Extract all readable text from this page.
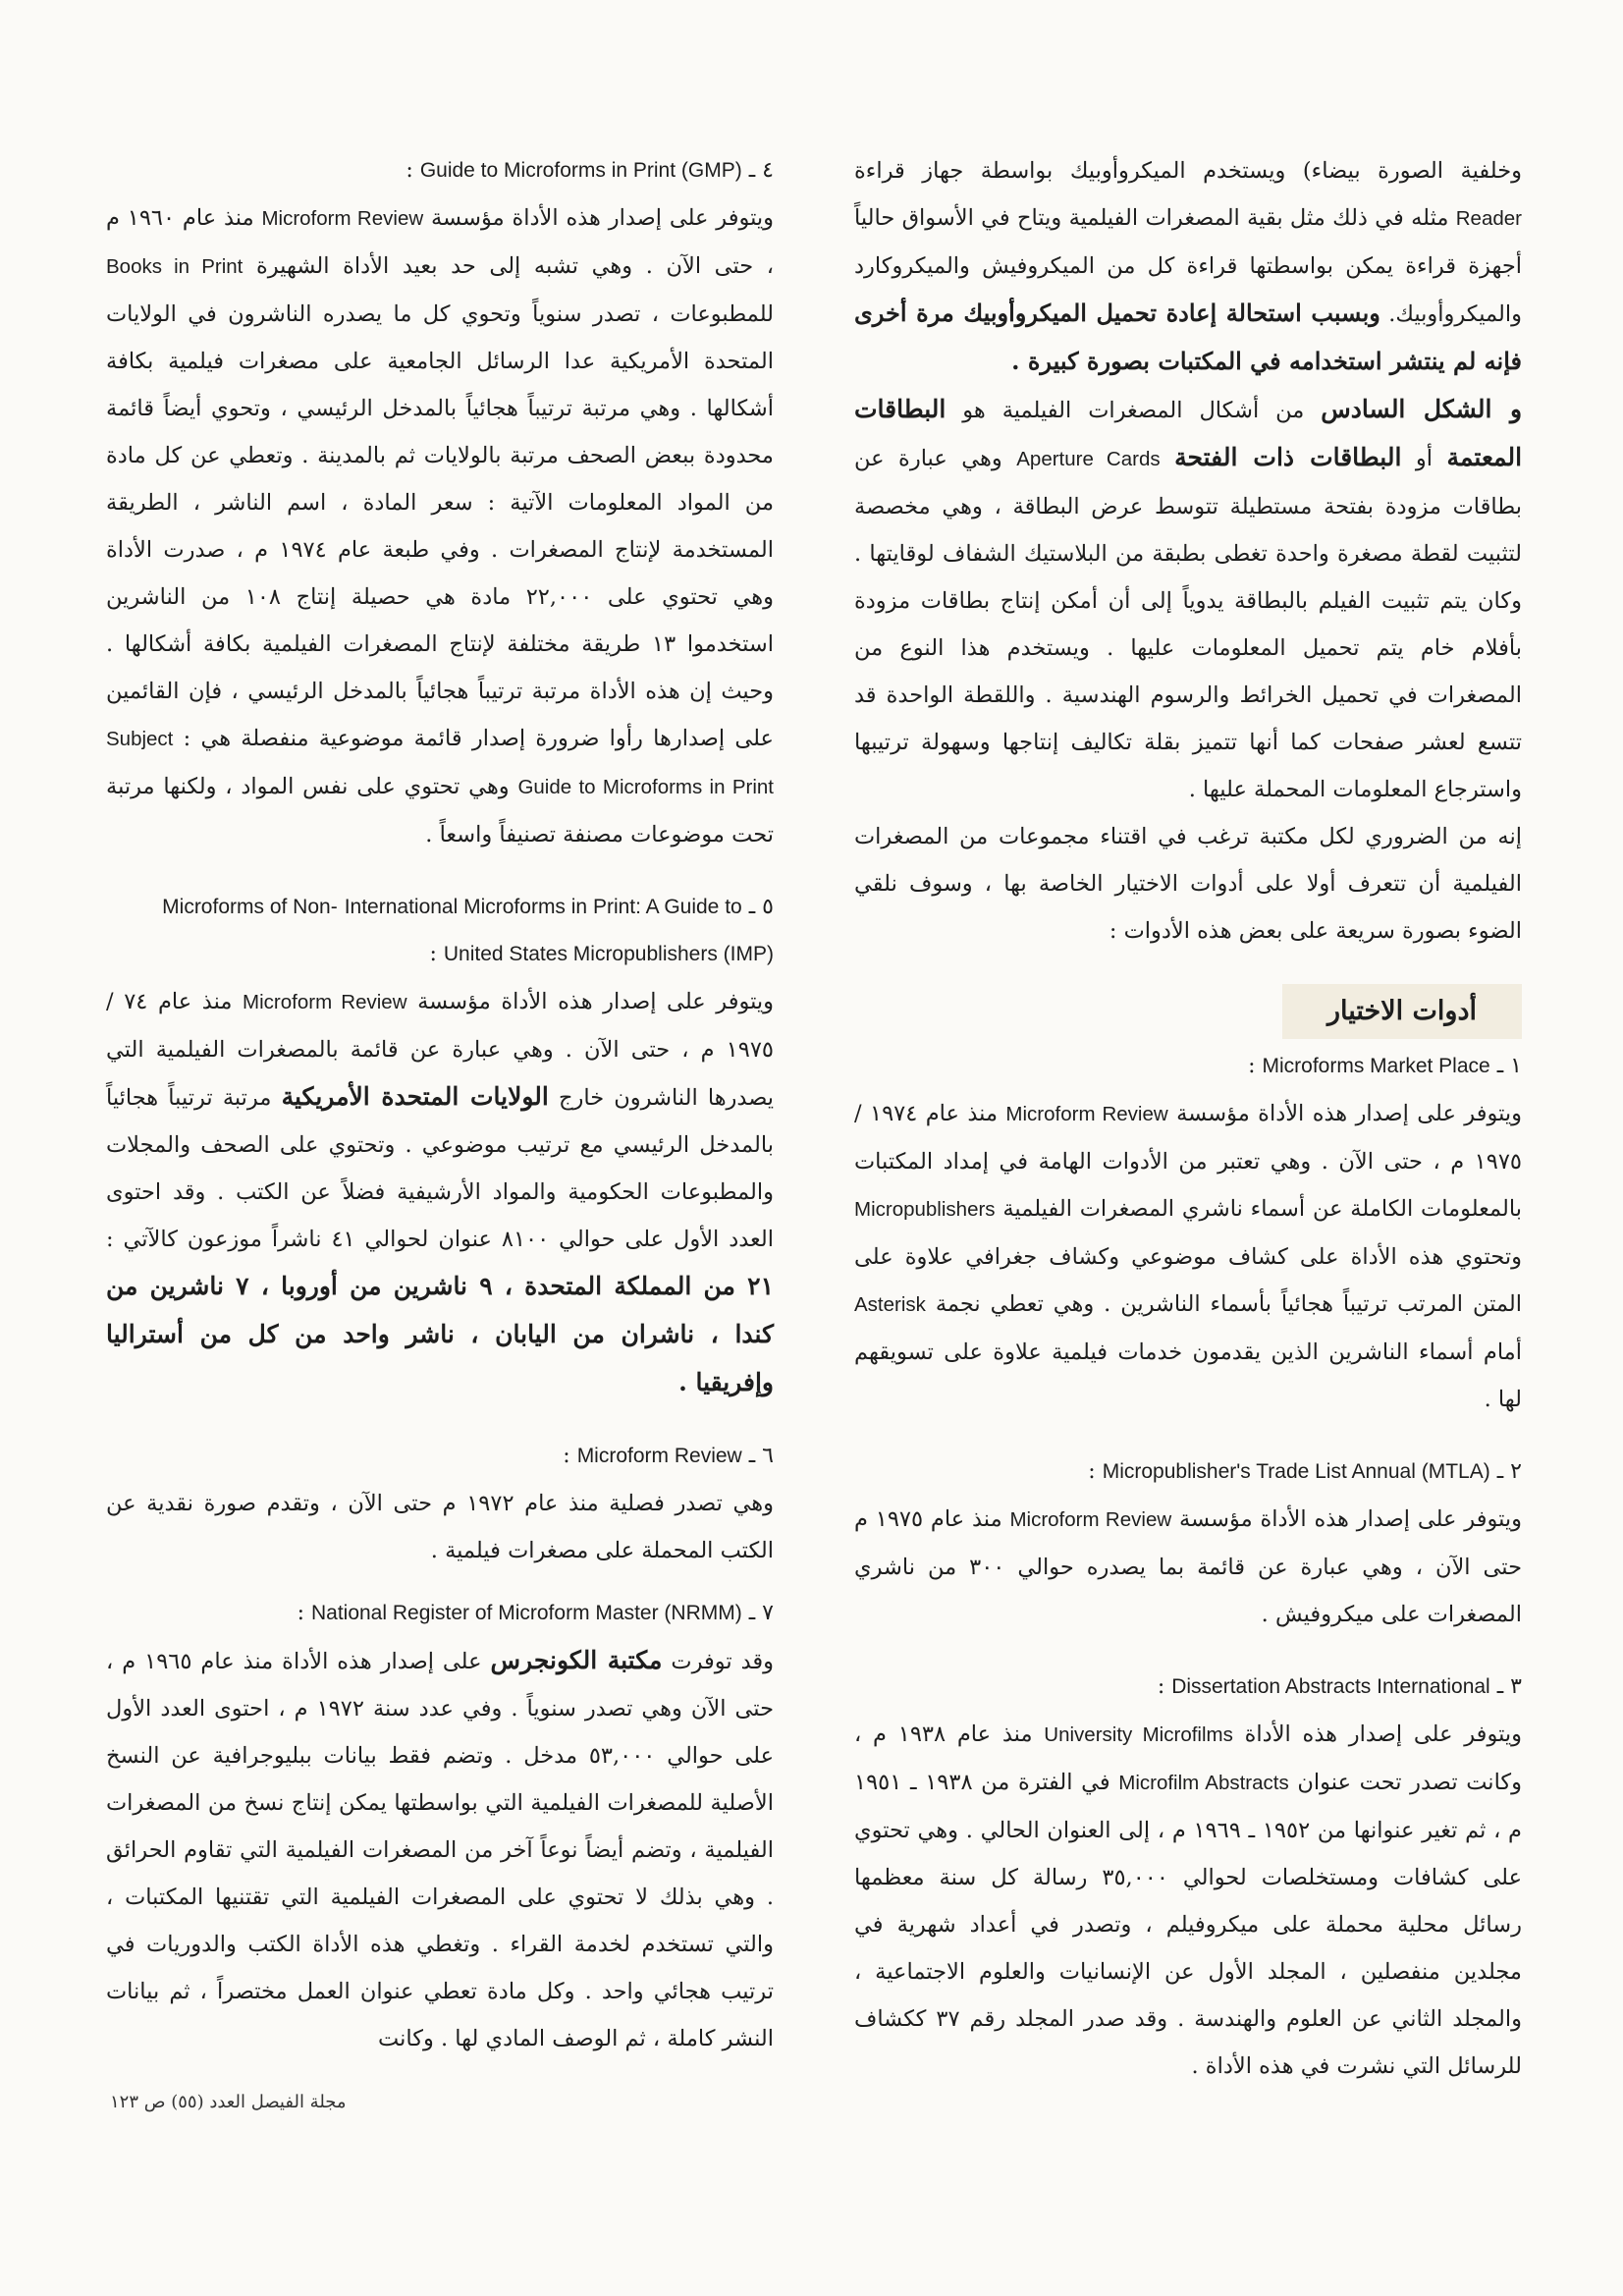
وخلفية الصورة بيضاء) ويستخدم الميكروأوبيك بواسطة جهاز قراءة Reader مثله في ذلك مثل بقية المصغرات الفيلمية ويتاح في الأسواق حالياً أجهزة قراءة يمكن بواسطتها قراءة كل من الميكروفيش والميكروكارد والميكروأوبيك. وبسبب استحالة إعادة تحميل الميكروأوبيك مرة أخرى فإنه لم ينتشر استخدامه في المكتبات بصورة كبيرة .

و الشكل السادس من أشكال المصغرات الفيلمية هو البطاقات المعتمة أو البطاقات ذات الفتحة Aperture Cards وهي عبارة عن بطاقات مزودة بفتحة مستطيلة تتوسط عرض البطاقة ، وهي مخصصة لتثبيت لقطة مصغرة واحدة تغطى بطبقة من البلاستيك الشفاف لوقايتها . وكان يتم تثبيت الفيلم بالبطاقة يدوياً إلى أن أمكن إنتاج بطاقات مزودة بأفلام خام يتم تحميل المعلومات عليها . ويستخدم هذا النوع من المصغرات في تحميل الخرائط والرسوم الهندسية . واللقطة الواحدة قد تتسع لعشر صفحات كما أنها تتميز بقلة تكاليف إنتاجها وسهولة ترتيبها واسترجاع المعلومات المحملة عليها .

إنه من الضروري لكل مكتبة ترغب في اقتناء مجموعات من المصغرات الفيلمية أن تتعرف أولا على أدوات الاختيار الخاصة بها ، وسوف نلقي الضوء بصورة سريعة على بعض هذه الأدوات :

أدوات الاختيار

١ ـ Microforms Market Place :

ويتوفر على إصدار هذه الأداة مؤسسة Microform Review منذ عام ١٩٧٤ / ١٩٧٥ م ، حتى الآن . وهي تعتبر من الأدوات الهامة في إمداد المكتبات بالمعلومات الكاملة عن أسماء ناشري المصغرات الفيلمية Micropublishers وتحتوي هذه الأداة على كشاف موضوعي وكشاف جغرافي علاوة على المتن المرتب ترتيباً هجائياً بأسماء الناشرين . وهي تعطي نجمة Asterisk أمام أسماء الناشرين الذين يقدمون خدمات فيلمية علاوة على تسويقهم لها .

٢ ـ Micropublisher's Trade List Annual (MTLA) :

ويتوفر على إصدار هذه الأداة مؤسسة Microform Review منذ عام ١٩٧٥ م حتى الآن ، وهي عبارة عن قائمة بما يصدره حوالي ٣٠٠ من ناشري المصغرات على ميكروفيش .

٣ ـ Dissertation Abstracts International :

ويتوفر على إصدار هذه الأداة University Microfilms منذ عام ١٩٣٨ م ، وكانت تصدر تحت عنوان Microfilm Abstracts في الفترة من ١٩٣٨ ـ ١٩٥١ م ، ثم تغير عنوانها من ١٩٥٢ ـ ١٩٦٩ م ، إلى العنوان الحالي . وهي تحتوي على كشافات ومستخلصات لحوالي ٣٥,٠٠٠ رسالة كل سنة معظمها رسائل محلية محملة على ميكروفيلم ، وتصدر في أعداد شهرية في مجلدين منفصلين ، المجلد الأول عن الإنسانيات والعلوم الاجتماعية ، والمجلد الثاني عن العلوم والهندسة . وقد صدر المجلد رقم ٣٧ ككشاف للرسائل التي نشرت في هذه الأداة .

٤ ـ Guide to Microforms in Print (GMP) :

ويتوفر على إصدار هذه الأداة مؤسسة Microform Review منذ عام ١٩٦٠ م ، حتى الآن . وهي تشبه إلى حد بعيد الأداة الشهيرة Books in Print للمطبوعات ، تصدر سنوياً وتحوي كل ما يصدره الناشرون في الولايات المتحدة الأمريكية عدا الرسائل الجامعية على مصغرات فيلمية بكافة أشكالها . وهي مرتبة ترتيباً هجائياً بالمدخل الرئيسي ، وتحوي أيضاً قائمة محدودة ببعض الصحف مرتبة بالولايات ثم بالمدينة . وتعطي عن كل مادة من المواد المعلومات الآتية : سعر المادة ، اسم الناشر ، الطريقة المستخدمة لإنتاج المصغرات . وفي طبعة عام ١٩٧٤ م ، صدرت الأداة وهي تحتوي على ٢٢,٠٠٠ مادة هي حصيلة إنتاج ١٠٨ من الناشرين استخدموا ١٣ طريقة مختلفة لإنتاج المصغرات الفيلمية بكافة أشكالها . وحيث إن هذه الأداة مرتبة ترتيباً هجائياً بالمدخل الرئيسي ، فإن القائمين على إصدارها رأوا ضرورة إصدار قائمة موضوعية منفصلة هي : Subject Guide to Microforms in Print وهي تحتوي على نفس المواد ، ولكنها مرتبة تحت موضوعات مصنفة تصنيفاً واسعاً .

٥ ـ International Microforms in Print: A Guide to Microforms of Non-United States Micropublishers (IMP) :

ويتوفر على إصدار هذه الأداة مؤسسة Microform Review منذ عام ٧٤ / ١٩٧٥ م ، حتى الآن . وهي عبارة عن قائمة بالمصغرات الفيلمية التي يصدرها الناشرون خارج الولايات المتحدة الأمريكية مرتبة ترتيباً هجائياً بالمدخل الرئيسي مع ترتيب موضوعي . وتحتوي على الصحف والمجلات والمطبوعات الحكومية والمواد الأرشيفية فضلاً عن الكتب . وقد احتوى العدد الأول على حوالي ٨١٠٠ عنوان لحوالي ٤١ ناشراً موزعون كالآتي : ٢١ من المملكة المتحدة ، ٩ ناشرين من أوروبا ، ٧ ناشرين من كندا ، ناشران من اليابان ، ناشر واحد من كل من أستراليا وإفريقيا .

٦ ـ Microform Review :

وهي تصدر فصلية منذ عام ١٩٧٢ م حتى الآن ، وتقدم صورة نقدية عن الكتب المحملة على مصغرات فيلمية .

٧ ـ National Register of Microform Master (NRMM) :

وقد توفرت مكتبة الكونجرس على إصدار هذه الأداة منذ عام ١٩٦٥ م ، حتى الآن وهي تصدر سنوياً . وفي عدد سنة ١٩٧٢ م ، احتوى العدد الأول على حوالي ٥٣,٠٠٠ مدخل . وتضم فقط بيانات ببليوجرافية عن النسخ الأصلية للمصغرات الفيلمية التي بواسطتها يمكن إنتاج نسخ من المصغرات الفيلمية ، وتضم أيضاً نوعاً آخر من المصغرات الفيلمية التي تقاوم الحرائق . وهي بذلك لا تحتوي على المصغرات الفيلمية التي تقتنيها المكتبات ، والتي تستخدم لخدمة القراء . وتغطي هذه الأداة الكتب والدوريات في ترتيب هجائي واحد . وكل مادة تعطي عنوان العمل مختصراً ، ثم بيانات النشر كاملة ، ثم الوصف المادي لها . وكانت

مجلة الفيصل العدد (٥٥) ص ١٢٣
